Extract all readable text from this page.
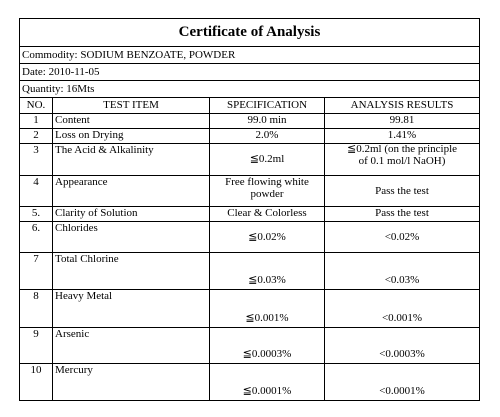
Certificate of Analysis			
Commodity: SODIUM BENZOATE, POWDER			
Date: 2010-11-05			
Quantity: 16Mts			
NO.	TEST ITEM	SPECIFICATION	ANALYSIS RESULTS
1	Content	99.0 min	99.81
2	Loss on Drying	2.0%	1.41%
3	The Acid & Alkalinity	≦0.2ml	≦0.2ml (on the principle
of 0.1 mol/l NaOH)
4	Appearance	Free flowing white powder	Pass the test
5.	Clarity of Solution	Clear & Colorless	Pass the test
6.	Chlorides	≦0.02%	<0.02%
7	Total Chlorine	≦0.03%	<0.03%
8	Heavy Metal	≦0.001%	<0.001%
9	Arsenic	≦0.0003%	<0.0003%
10	Mercury	≦0.0001%	<0.0001%
